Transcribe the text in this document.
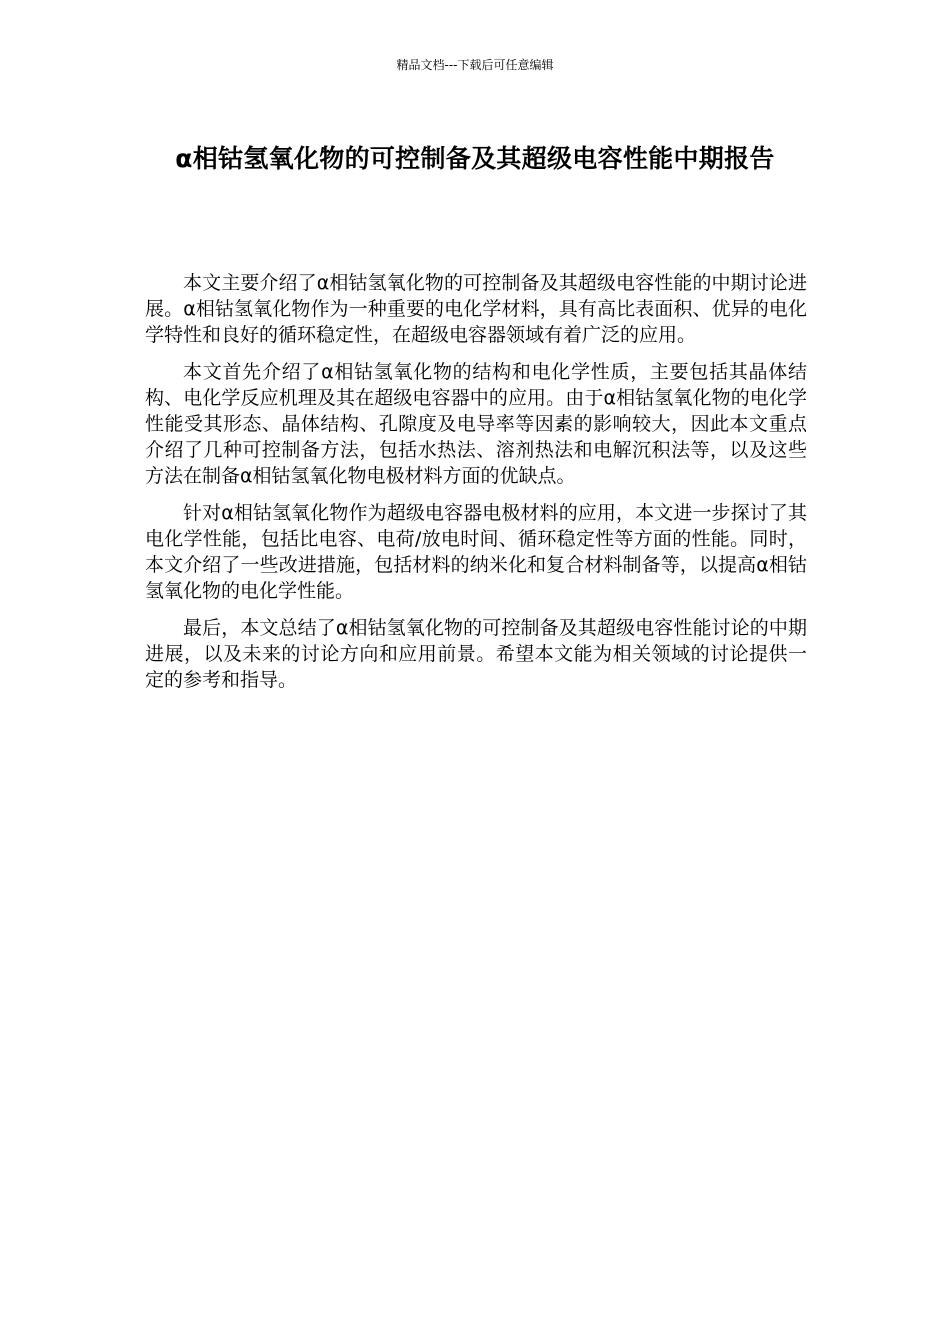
精品文档---下载后可任意编辑
α相钴氢氧化物的可控制备及其超级电容性能中期报告

本文主要介绍了α相钴氢氧化物的可控制备及其超级电容性能的中期讨论进展。α相钴氢氧化物作为一种重要的电化学材料，具有高比表面积、优异的电化学特性和良好的循环稳定性，在超级电容器领域有着广泛的应用。

本文首先介绍了α相钴氢氧化物的结构和电化学性质，主要包括其晶体结构、电化学反应机理及其在超级电容器中的应用。由于α相钴氢氧化物的电化学性能受其形态、晶体结构、孔隙度及电导率等因素的影响较大，因此本文重点介绍了几种可控制备方法，包括水热法、溶剂热法和电解沉积法等，以及这些方法在制备α相钴氢氧化物电极材料方面的优缺点。

针对α相钴氢氧化物作为超级电容器电极材料的应用，本文进一步探讨了其电化学性能，包括比电容、电荷/放电时间、循环稳定性等方面的性能。同时，本文介绍了一些改进措施，包括材料的纳米化和复合材料制备等，以提高α相钴氢氧化物的电化学性能。

最后，本文总结了α相钴氢氧化物的可控制备及其超级电容性能讨论的中期进展，以及未来的讨论方向和应用前景。希望本文能为相关领域的讨论提供一定的参考和指导。
